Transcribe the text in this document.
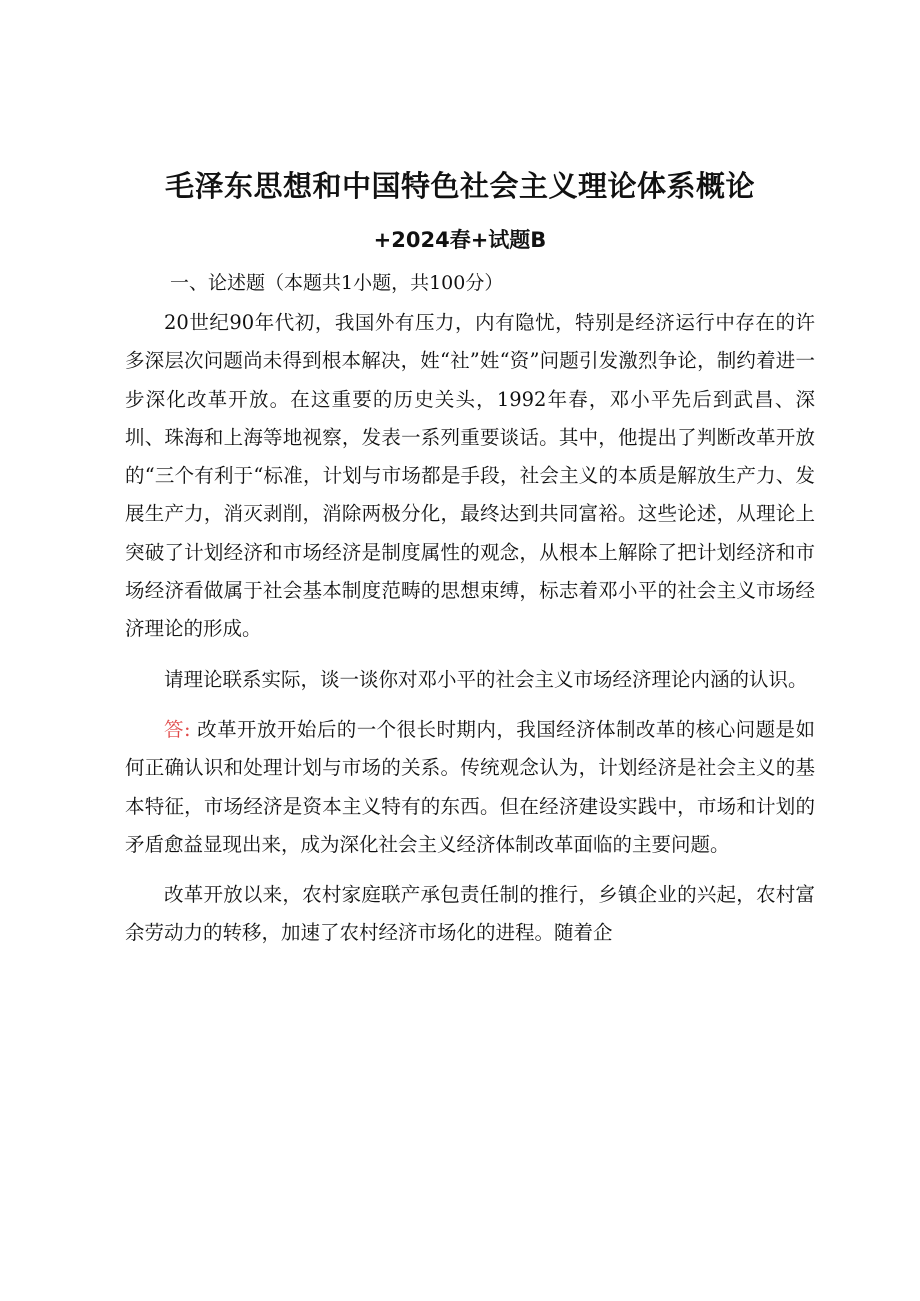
毛泽东思想和中国特色社会主义理论体系概论
+2024春+试题B
一、论述题（本题共1小题，共100分）

20世纪90年代初，我国外有压力，内有隐忧，特别是经济运行中存在的许多深层次问题尚未得到根本解决，姓“社”姓“资”问题引发激烈争论，制约着进一步深化改革开放。在这重要的历史关头，1992年春，邓小平先后到武昌、深圳、珠海和上海等地视察，发表一系列重要谈话。其中，他提出了判断改革开放的“三个有利于“标准，计划与市场都是手段，社会主义的本质是解放生产力、发展生产力，消灭剥削，消除两极分化，最终达到共同富裕。这些论述，从理论上突破了计划经济和市场经济是制度属性的观念，从根本上解除了把计划经济和市场经济看做属于社会基本制度范畴的思想束缚，标志着邓小平的社会主义市场经济理论的形成。

请理论联系实际，谈一谈你对邓小平的社会主义市场经济理论内涵的认识。

答: 改革开放开始后的一个很长时期内，我国经济体制改革的核心问题是如何正确认识和处理计划与市场的关系。传统观念认为，计划经济是社会主义的基本特征，市场经济是资本主义特有的东西。但在经济建设实践中，市场和计划的矛盾愈益显现出来，成为深化社会主义经济体制改革面临的主要问题。

改革开放以来，农村家庭联产承包责任制的推行，乡镇企业的兴起，农村富余劳动力的转移，加速了农村经济市场化的进程。随着企
